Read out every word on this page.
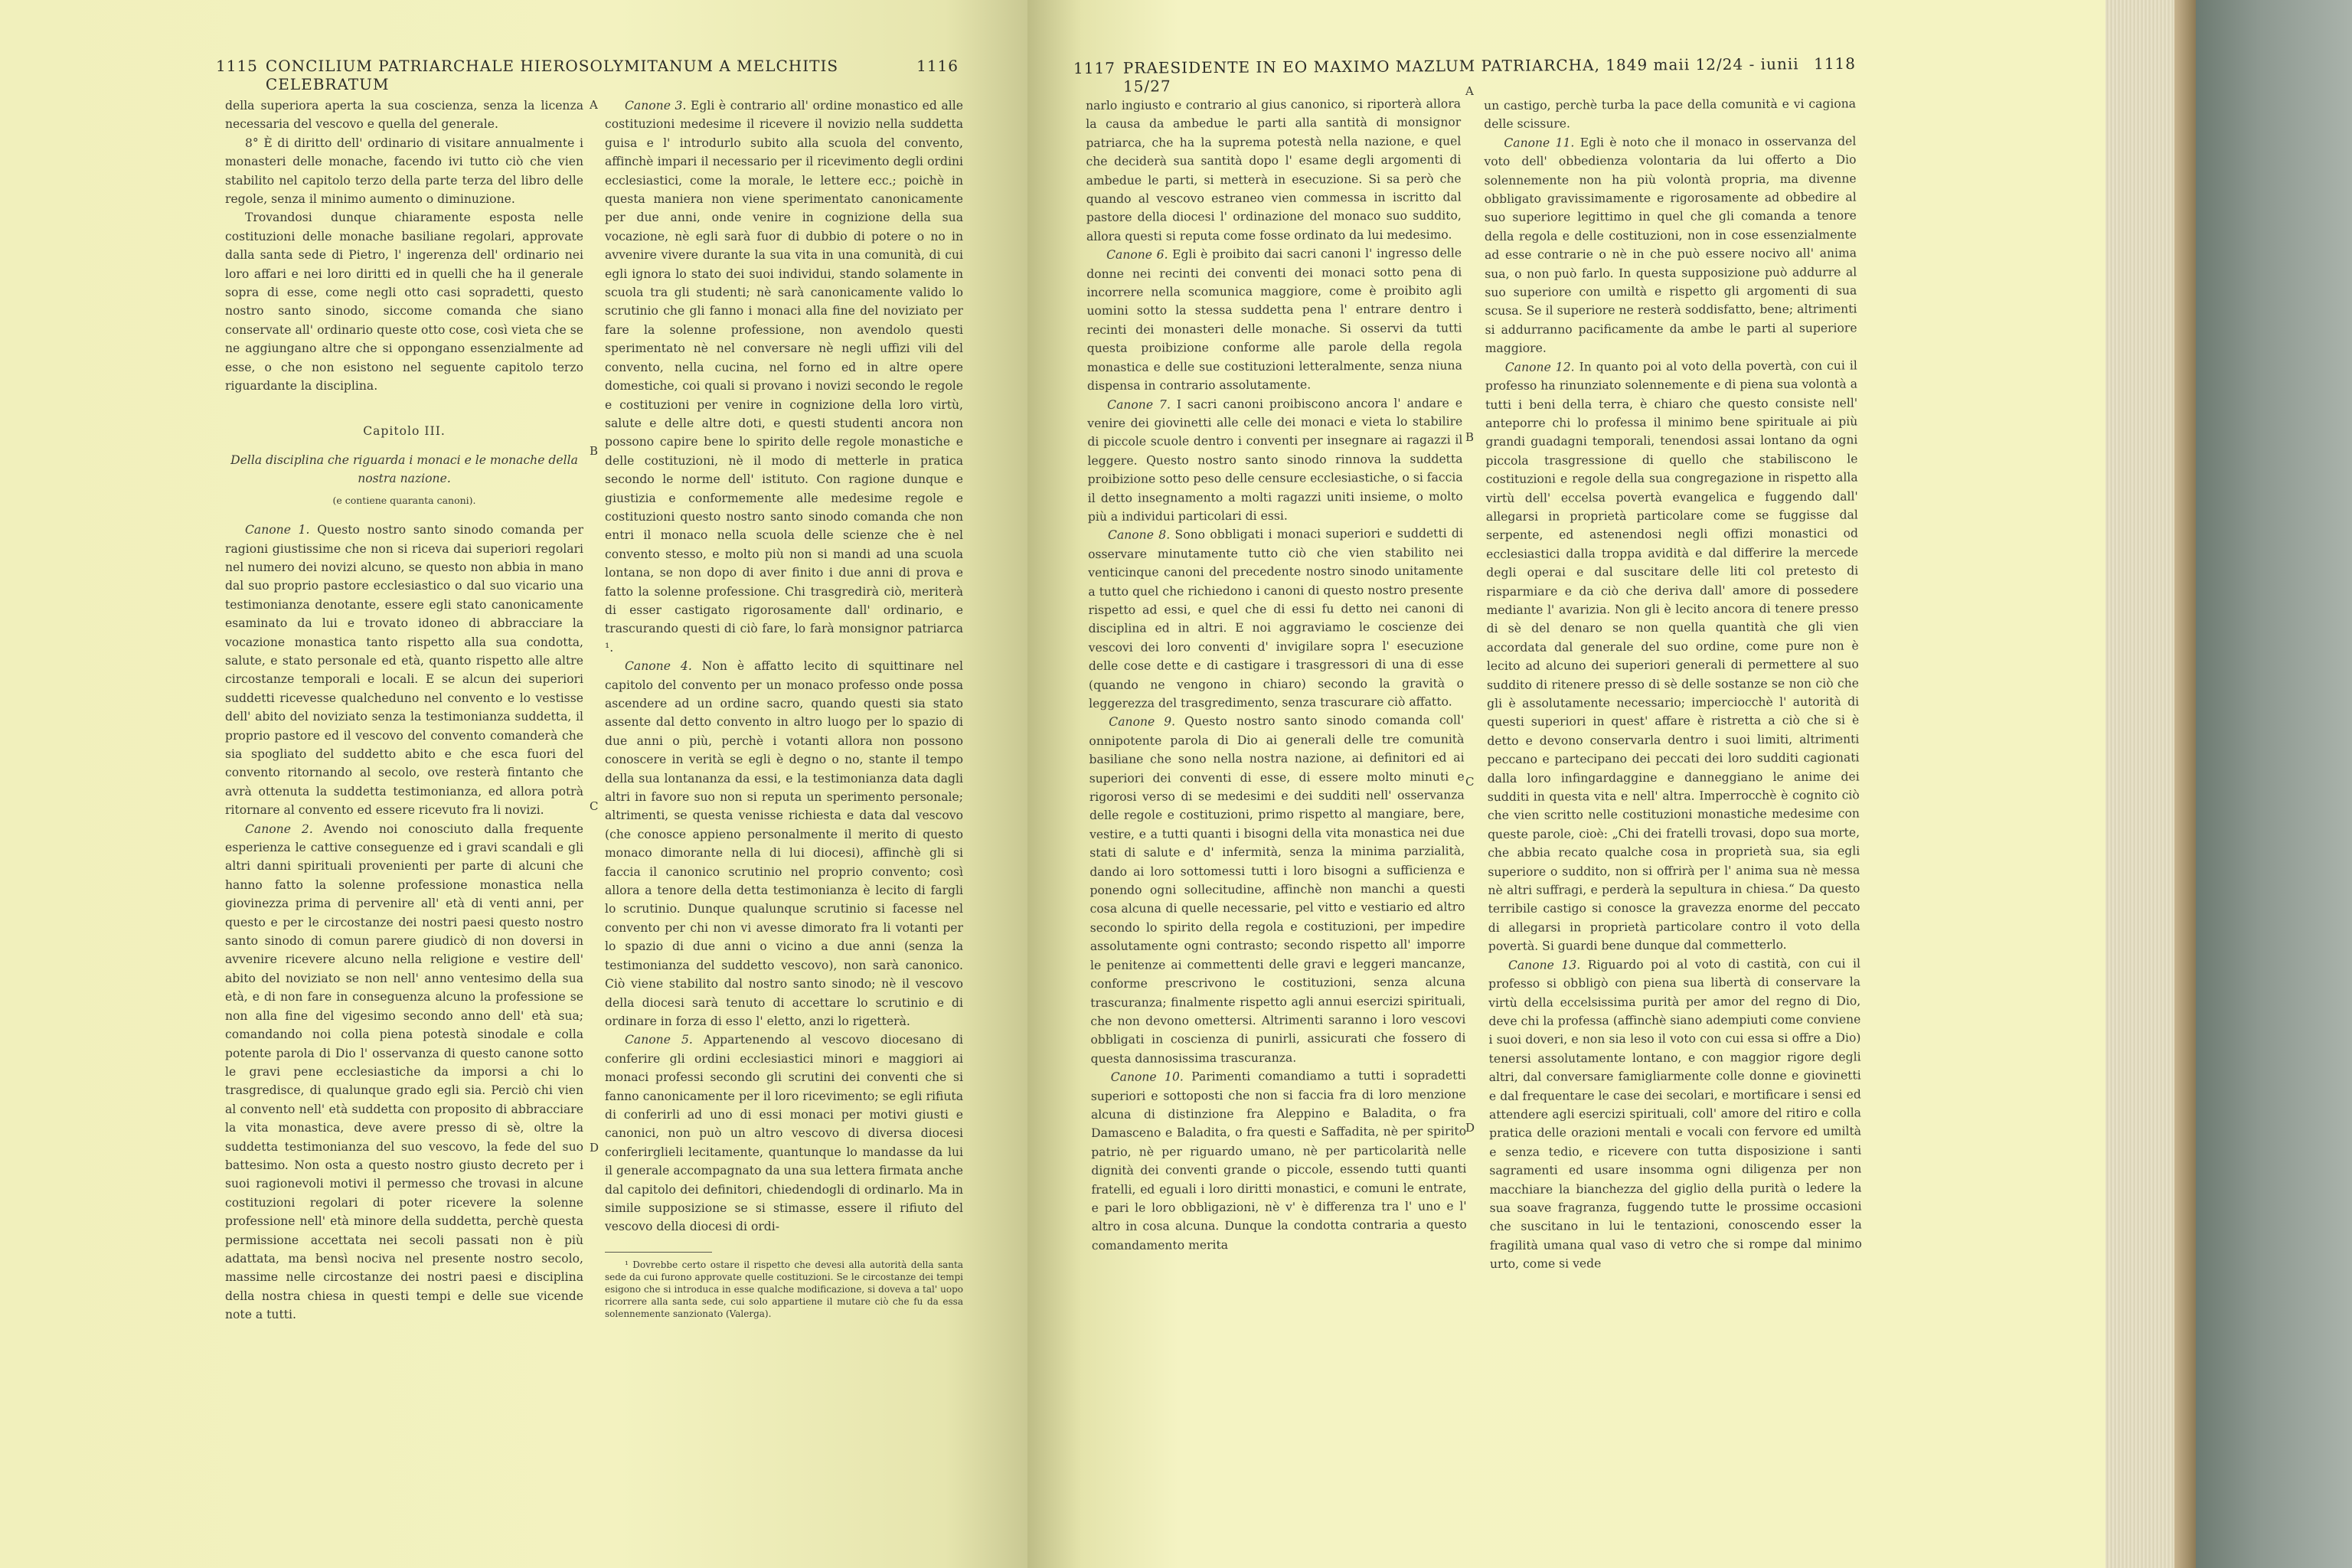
1115 CONCILIUM PATRIARCHALE HIEROSOLYMITANUM A MELCHITIS CELEBRATUM
1116

della superiora aperta la sua coscienza, senza la licenza necessaria del vescovo e quella del generale.

8° È di diritto dell' ordinario di visitare annualmente i monasteri delle monache, facendo ivi tutto ciò che vien stabilito nel capitolo terzo della parte terza del libro delle regole, senza il minimo aumento o diminuzione.

Trovandosi dunque chiaramente esposta nelle costituzioni delle monache basiliane regolari, approvate dalla santa sede di Pietro, l' ingerenza dell' ordinario nei loro affari e nei loro diritti ed in quelli che ha il generale sopra di esse, come negli otto casi sopradetti, questo nostro santo sinodo, siccome comanda che siano conservate all' ordinario queste otto cose, così vieta che se ne aggiungano altre che si oppongano essenzialmente ad esse, o che non esistono nel seguente capitolo terzo riguardante la disciplina.

Capitolo III.
Della disciplina che riguarda i monaci e le monache della nostra nazione.
(e contiene quaranta canoni).

Canone 1. Questo nostro santo sinodo comanda per ragioni giustissime che non si riceva dai superiori regolari nel numero dei novizi alcuno, se questo non abbia in mano dal suo proprio pastore ecclesiastico o dal suo vicario una testimonianza denotante, essere egli stato canonicamente esaminato da lui e trovato idoneo di abbracciare la vocazione monastica tanto rispetto alla sua condotta, salute, e stato personale ed età, quanto rispetto alle altre circostanze temporali e locali. E se alcun dei superiori suddetti ricevesse qualcheduno nel convento e lo vestisse dell' abito del noviziato senza la testimonianza suddetta, il proprio pastore ed il vescovo del convento comanderà che sia spogliato del suddetto abito e che esca fuori del convento ritornando al secolo, ove resterà fintanto che avrà ottenuta la suddetta testimonianza, ed allora potrà ritornare al convento ed essere ricevuto fra li novizi.

Canone 2. Avendo noi conosciuto dalla frequente esperienza le cattive conseguenze ed i gravi scandali e gli altri danni spirituali provenienti per parte di alcuni che hanno fatto la solenne professione monastica nella giovinezza prima di pervenire all' età di venti anni, per questo e per le circostanze dei nostri paesi questo nostro santo sinodo di comun parere giudicò di non doversi in avvenire ricevere alcuno nella religione e vestire dell' abito del noviziato se non nell' anno ventesimo della sua età, e di non fare in conseguenza alcuno la professione se non alla fine del vigesimo secondo anno dell' età sua; comandando noi colla piena potestà sinodale e colla potente parola di Dio l' osservanza di questo canone sotto le gravi pene ecclesiastiche da imporsi a chi lo trasgredisce, di qualunque grado egli sia. Perciò chi vien al convento nell' età suddetta con proposito di abbracciare la vita monastica, deve avere presso di sè, oltre la suddetta testimonianza del suo vescovo, la fede del suo battesimo. Non osta a questo nostro giusto decreto per i suoi ragionevoli motivi il permesso che trovasi in alcune costituzioni regolari di poter ricevere la solenne professione nell' età minore della suddetta, perchè questa permissione accettata nei secoli passati non è più adattata, ma bensì nociva nel presente nostro secolo, massime nelle circostanze dei nostri paesi e disciplina della nostra chiesa in questi tempi e delle sue vicende note a tutti.

Canone 3. Egli è contrario all' ordine monastico ed alle costituzioni medesime il ricevere il novizio nella suddetta guisa e l' introdurlo subito alla scuola del convento, affinchè impari il necessario per il ricevimento degli ordini ecclesiastici, come la morale, le lettere ecc.; poichè in questa maniera non viene sperimentato canonicamente per due anni, onde venire in cognizione della sua vocazione, nè egli sarà fuor di dubbio di potere o no in avvenire vivere durante la sua vita in una comunità, di cui egli ignora lo stato dei suoi individui, stando solamente in scuola tra gli studenti; nè sarà canonicamente valido lo scrutinio che gli fanno i monaci alla fine del noviziato per fare la solenne professione, non avendolo questi sperimentato nè nel conversare nè negli uffizi vili del convento, nella cucina, nel forno ed in altre opere domestiche, coi quali si provano i novizi secondo le regole e costituzioni per venire in cognizione della loro virtù, salute e delle altre doti, e questi studenti ancora non possono capire bene lo spirito delle regole monastiche e delle costituzioni, nè il modo di metterle in pratica secondo le norme dell' istituto. Con ragione dunque e giustizia e conformemente alle medesime regole e costituzioni questo nostro santo sinodo comanda che non entri il monaco nella scuola delle scienze che è nel convento stesso, e molto più non si mandi ad una scuola lontana, se non dopo di aver finito i due anni di prova e fatto la solenne professione. Chi trasgredirà ciò, meriterà di esser castigato rigorosamente dall' ordinario, e trascurando questi di ciò fare, lo farà monsignor patriarca ¹.

Canone 4. Non è affatto lecito di squittinare nel capitolo del convento per un monaco professo onde possa ascendere ad un ordine sacro, quando questi sia stato assente dal detto convento in altro luogo per lo spazio di due anni o più, perchè i votanti allora non possono conoscere in verità se egli è degno o no, stante il tempo della sua lontananza da essi, e la testimonianza data dagli altri in favore suo non si reputa un sperimento personale; altrimenti, se questa venisse richiesta e data dal vescovo (che conosce appieno personalmente il merito di questo monaco dimorante nella di lui diocesi), affinchè gli si faccia il canonico scrutinio nel proprio convento; così allora a tenore della detta testimonianza è lecito di fargli lo scrutinio. Dunque qualunque scrutinio si facesse nel convento per chi non vi avesse dimorato fra li votanti per lo spazio di due anni o vicino a due anni (senza la testimonianza del suddetto vescovo), non sarà canonico. Ciò viene stabilito dal nostro santo sinodo; nè il vescovo della diocesi sarà tenuto di accettare lo scrutinio e di ordinare in forza di esso l' eletto, anzi lo rigetterà.

Canone 5. Appartenendo al vescovo diocesano di conferire gli ordini ecclesiastici minori e maggiori ai monaci professi secondo gli scrutini dei conventi che si fanno canonicamente per il loro ricevimento; se egli rifiuta di conferirli ad uno di essi monaci per motivi giusti e canonici, non può un altro vescovo di diversa diocesi conferirglieli lecitamente, quantunque lo mandasse da lui il generale accompagnato da una sua lettera firmata anche dal capitolo dei definitori, chiedendogli di ordinarlo. Ma in simile supposizione se si stimasse, essere il rifiuto del vescovo della diocesi di ordi-

¹ Dovrebbe certo ostare il rispetto che devesi alla autorità della santa sede da cui furono approvate quelle costituzioni. Se le circostanze dei tempi esigono che si introduca in esse qualche modificazione, si doveva a tal' uopo ricorrere alla santa sede, cui solo appartiene il mutare ciò che fu da essa solennemente sanzionato (Valerga).

A
B
C
D
1117 PRAESIDENTE IN EO MAXIMO MAZLUM PATRIARCHA, 1849 maii 12/24 - iunii 15/27
1118

narlo ingiusto e contrario al gius canonico, si riporterà allora la causa da ambedue le parti alla santità di monsignor patriarca, che ha la suprema potestà nella nazione, e quel che deciderà sua santità dopo l' esame degli argomenti di ambedue le parti, si metterà in esecuzione. Si sa però che quando al vescovo estraneo vien commessa in iscritto dal pastore della diocesi l' ordinazione del monaco suo suddito, allora questi si reputa come fosse ordinato da lui medesimo.

Canone 6. Egli è proibito dai sacri canoni l' ingresso delle donne nei recinti dei conventi dei monaci sotto pena di incorrere nella scomunica maggiore, come è proibito agli uomini sotto la stessa suddetta pena l' entrare dentro i recinti dei monasteri delle monache. Si osservi da tutti questa proibizione conforme alle parole della regola monastica e delle sue costituzioni letteralmente, senza niuna dispensa in contrario assolutamente.

Canone 7. I sacri canoni proibiscono ancora l' andare e venire dei giovinetti alle celle dei monaci e vieta lo stabilire di piccole scuole dentro i conventi per insegnare ai ragazzi il leggere. Questo nostro santo sinodo rinnova la suddetta proibizione sotto peso delle censure ecclesiastiche, o si faccia il detto insegnamento a molti ragazzi uniti insieme, o molto più a individui particolari di essi.

Canone 8. Sono obbligati i monaci superiori e suddetti di osservare minutamente tutto ciò che vien stabilito nei venticinque canoni del precedente nostro sinodo unitamente a tutto quel che richiedono i canoni di questo nostro presente rispetto ad essi, e quel che di essi fu detto nei canoni di disciplina ed in altri. E noi aggraviamo le coscienze dei vescovi dei loro conventi d' invigilare sopra l' esecuzione delle cose dette e di castigare i trasgressori di una di esse (quando ne vengono in chiaro) secondo la gravità o leggerezza del trasgredimento, senza trascurare ciò affatto.

Canone 9. Questo nostro santo sinodo comanda coll' onnipotente parola di Dio ai generali delle tre comunità basiliane che sono nella nostra nazione, ai definitori ed ai superiori dei conventi di esse, di essere molto minuti e rigorosi verso di se medesimi e dei sudditi nell' osservanza delle regole e costituzioni, primo rispetto al mangiare, bere, vestire, e a tutti quanti i bisogni della vita monastica nei due stati di salute e d' infermità, senza la minima parzialità, dando ai loro sottomessi tutti i loro bisogni a sufficienza e ponendo ogni sollecitudine, affinchè non manchi a questi cosa alcuna di quelle necessarie, pel vitto e vestiario ed altro secondo lo spirito della regola e costituzioni, per impedire assolutamente ogni contrasto; secondo rispetto all' imporre le penitenze ai commettenti delle gravi e leggeri mancanze, conforme prescrivono le costituzioni, senza alcuna trascuranza; finalmente rispetto agli annui esercizi spirituali, che non devono omettersi. Altrimenti saranno i loro vescovi obbligati in coscienza di punirli, assicurati che fossero di questa dannosissima trascuranza.

Canone 10. Parimenti comandiamo a tutti i sopradetti superiori e sottoposti che non si faccia fra di loro menzione alcuna di distinzione fra Aleppino e Baladita, o fra Damasceno e Baladita, o fra questi e Saffadita, nè per spirito patrio, nè per riguardo umano, nè per particolarità nelle dignità dei conventi grande o piccole, essendo tutti quanti fratelli, ed eguali i loro diritti monastici, e comuni le entrate, e pari le loro obbligazioni, nè v' è differenza tra l' uno e l' altro in cosa alcuna. Dunque la condotta contraria a questo comandamento merita

un castigo, perchè turba la pace della comunità e vi cagiona delle scissure.

Canone 11. Egli è noto che il monaco in osservanza del voto dell' obbedienza volontaria da lui offerto a Dio solennemente non ha più volontà propria, ma divenne obbligato gravissimamente e rigorosamente ad obbedire al suo superiore legittimo in quel che gli comanda a tenore della regola e delle costituzioni, non in cose essenzialmente ad esse contrarie o nè in che può essere nocivo all' anima sua, o non può farlo. In questa supposizione può addurre al suo superiore con umiltà e rispetto gli argomenti di sua scusa. Se il superiore ne resterà soddisfatto, bene; altrimenti si addurranno pacificamente da ambe le parti al superiore maggiore.

Canone 12. In quanto poi al voto della povertà, con cui il professo ha rinunziato solennemente e di piena sua volontà a tutti i beni della terra, è chiaro che questo consiste nell' anteporre chi lo professa il minimo bene spirituale ai più grandi guadagni temporali, tenendosi assai lontano da ogni piccola trasgressione di quello che stabiliscono le costituzioni e regole della sua congregazione in rispetto alla virtù dell' eccelsa povertà evangelica e fuggendo dall' allegarsi in proprietà particolare come se fuggisse dal serpente, ed astenendosi negli offizi monastici od ecclesiastici dalla troppa avidità e dal differire la mercede degli operai e dal suscitare delle liti col pretesto di risparmiare e da ciò che deriva dall' amore di possedere mediante l' avarizia. Non gli è lecito ancora di tenere presso di sè del denaro se non quella quantità che gli vien accordata dal generale del suo ordine, come pure non è lecito ad alcuno dei superiori generali di permettere al suo suddito di ritenere presso di sè delle sostanze se non ciò che gli è assolutamente necessario; imperciocchè l' autorità di questi superiori in quest' affare è ristretta a ciò che si è detto e devono conservarla dentro i suoi limiti, altrimenti peccano e partecipano dei peccati dei loro sudditi cagionati dalla loro infingardaggine e danneggiano le anime dei sudditi in questa vita e nell' altra. Imperrocchè è cognito ciò che vien scritto nelle costituzioni monastiche medesime con queste parole, cioè: „Chi dei fratelli trovasi, dopo sua morte, che abbia recato qualche cosa in proprietà sua, sia egli superiore o suddito, non si offrirà per l' anima sua nè messa nè altri suffragi, e perderà la sepultura in chiesa.“ Da questo terribile castigo si conosce la gravezza enorme del peccato di allegarsi in proprietà particolare contro il voto della povertà. Si guardi bene dunque dal commetterlo.

Canone 13. Riguardo poi al voto di castità, con cui il professo si obbligò con piena sua libertà di conservare la virtù della eccelsissima purità per amor del regno di Dio, deve chi la professa (affinchè siano adempiuti come conviene i suoi doveri, e non sia leso il voto con cui essa si offre a Dio) tenersi assolutamente lontano, e con maggior rigore degli altri, dal conversare famigliarmente colle donne e giovinetti e dal frequentare le case dei secolari, e mortificare i sensi ed attendere agli esercizi spirituali, coll' amore del ritiro e colla pratica delle orazioni mentali e vocali con fervore ed umiltà e senza tedio, e ricevere con tutta disposizione i santi sagramenti ed usare insomma ogni diligenza per non macchiare la bianchezza del giglio della purità o ledere la sua soave fragranza, fuggendo tutte le prossime occasioni che suscitano in lui le tentazioni, conoscendo esser la fragilità umana qual vaso di vetro che si rompe dal minimo urto, come si vede

A
B
C
D
